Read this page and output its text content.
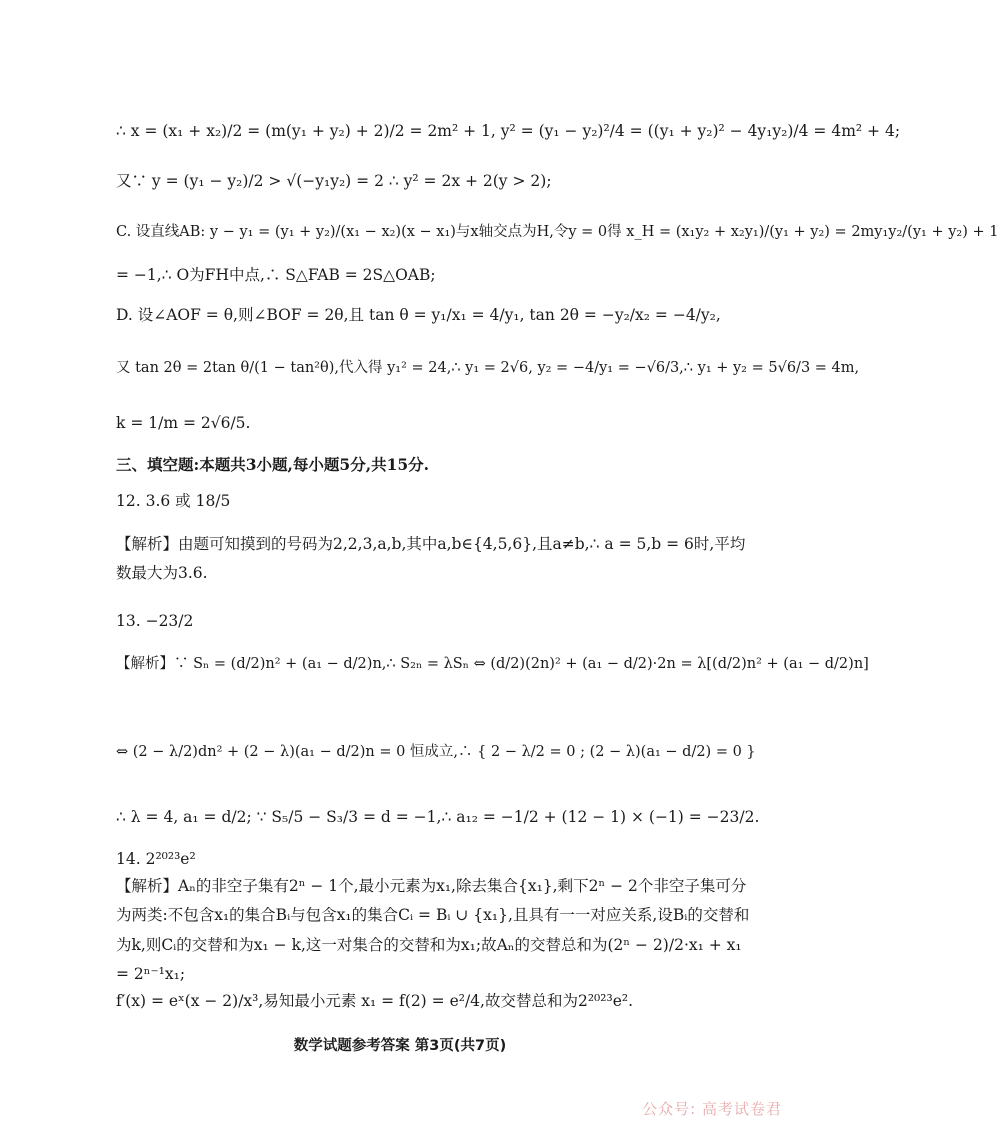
∴ x = (x₁ + x₂)/2 = (m(y₁ + y₂) + 2)/2 = 2m² + 1, y² = (y₁ − y₂)²/4 = ((y₁ + y₂)² − 4y₁y₂)/4 = 4m² + 4;
又∵ y = (y₁ − y₂)/2 > √(−y₁y₂) = 2 ∴ y² = 2x + 2(y > 2);
C. 设直线AB: y − y₁ = (y₁ + y₂)/(x₁ − x₂)(x − x₁)与x轴交点为H,令y = 0得 x_H = (x₁y₂ + x₂y₁)/(y₁ + y₂) = 2my₁y₂/(y₁ + y₂) + 1
= −1,∴ O为FH中点,∴ S△FAB = 2S△OAB;
D. 设∠AOF = θ,则∠BOF = 2θ,且 tan θ = y₁/x₁ = 4/y₁, tan 2θ = −y₂/x₂ = −4/y₂,
又 tan 2θ = 2tan θ/(1 − tan²θ),代入得 y₁² = 24,∴ y₁ = 2√6, y₂ = −4/y₁ = −√6/3,∴ y₁ + y₂ = 5√6/3 = 4m,
k = 1/m = 2√6/5.
三、填空题:本题共3小题,每小题5分,共15分.
12. 3.6 或 18/5
【解析】由题可知摸到的号码为2,2,3,a,b,其中a,b∈{4,5,6},且a≠b,∴ a = 5,b = 6时,平均数最大为3.6.
13. −23/2
【解析】∵ Sₙ = (d/2)n² + (a₁ − d/2)n,∴ S₂ₙ = λSₙ ⇔ (d/2)(2n)² + (a₁ − d/2)·2n = λ[(d/2)n² + (a₁ − d/2)n]
⇔ (2 − λ/2)dn² + (2 − λ)(a₁ − d/2)n = 0 恒成立,∴ { 2 − λ/2 = 0 ; (2 − λ)(a₁ − d/2) = 0 }
∴ λ = 4, a₁ = d/2; ∵ S₅/5 − S₃/3 = d = −1,∴ a₁₂ = −1/2 + (12 − 1) × (−1) = −23/2.
14. 2²⁰²³e²
【解析】Aₙ的非空子集有2ⁿ − 1个,最小元素为x₁,除去集合{x₁},剩下2ⁿ − 2个非空子集可分为两类:不包含x₁的集合Bᵢ与包含x₁的集合Cᵢ = Bᵢ ∪ {x₁},且具有一一对应关系,设Bᵢ的交替和为k,则Cᵢ的交替和为x₁ − k,这一对集合的交替和为x₁;故Aₙ的交替总和为(2ⁿ − 2)/2·x₁ + x₁ = 2ⁿ⁻¹x₁;
f′(x) = eˣ(x − 2)/x³,易知最小元素 x₁ = f(2) = e²/4,故交替总和为2²⁰²³e².
数学试题参考答案 第3页(共7页)
公众号: 高考试卷君
